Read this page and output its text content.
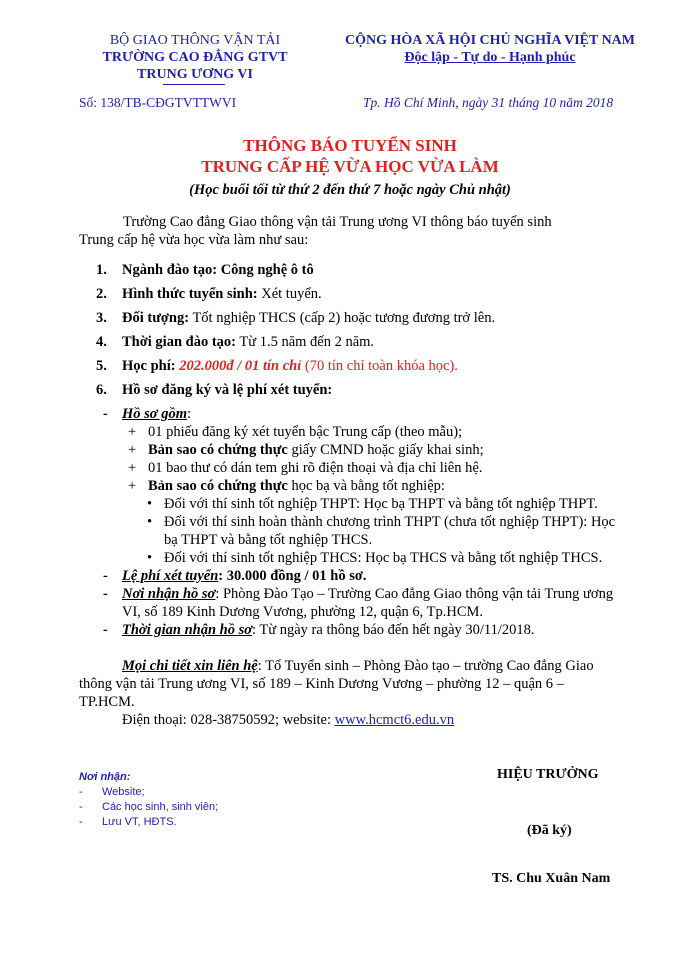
BỘ GIAO THÔNG VẬN TẢI
TRƯỜNG CAO ĐẲNG GTVT
TRUNG ƯƠNG VI
CỘNG HÒA XÃ HỘI CHỦ NGHĨA VIỆT NAM
Độc lập - Tự do - Hạnh phúc
Số: 138/TB-CĐGTVTTWVI	Tp. Hồ Chí Minh, ngày 31 tháng 10 năm 2018
THÔNG BÁO TUYỂN SINH
TRUNG CẤP HỆ VỪA HỌC VỪA LÀM
(Học buổi tối từ thứ 2 đến thứ 7 hoặc ngày Chủ nhật)
Trường Cao đẳng Giao thông vận tải Trung ương VI thông báo tuyển sinh
Trung cấp hệ vừa học vừa làm như sau:
1. Ngành đào tạo: Công nghệ ô tô
2. Hình thức tuyển sinh: Xét tuyển.
3. Đối tượng: Tốt nghiệp THCS (cấp 2) hoặc tương đương trở lên.
4. Thời gian đào tạo: Từ 1.5 năm đến 2 năm.
5. Học phí: 202.000đ / 01 tín chỉ (70 tín chỉ toàn khóa học).
6. Hồ sơ đăng ký và lệ phí xét tuyển:
- Hồ sơ gồm:
+ 01 phiếu đăng ký xét tuyển bậc Trung cấp (theo mẫu);
+ Bản sao có chứng thực giấy CMND hoặc giấy khai sinh;
+ 01 bao thư có dán tem ghi rõ điện thoại và địa chỉ liên hệ.
+ Bản sao có chứng thực học bạ và bằng tốt nghiệp:
• Đối với thí sinh tốt nghiệp THPT: Học bạ THPT và bằng tốt nghiệp THPT.
• Đối với thí sinh hoàn thành chương trình THPT (chưa tốt nghiệp THPT): Học
bạ THPT và bằng tốt nghiệp THCS.
• Đối với thí sinh tốt nghiệp THCS: Học bạ THCS và bằng tốt nghiệp THCS.
- Lệ phí xét tuyển: 30.000 đồng / 01 hồ sơ.
- Nơi nhận hồ sơ: Phòng Đào Tạo – Trường Cao đẳng Giao thông vận tải Trung ương
VI, số 189 Kinh Dương Vương, phường 12, quận 6, Tp.HCM.
- Thời gian nhận hồ sơ: Từ ngày ra thông báo đến hết ngày 30/11/2018.
Mọi chi tiết xin liên hệ: Tổ Tuyển sinh – Phòng Đào tạo – trường Cao đẳng Giao
thông vận tải Trung ương VI, số 189 – Kinh Dương Vương – phường 12 – quận 6 –
TP.HCM.
Điện thoại: 028-38750592; website: www.hcmct6.edu.vn
Nơi nhận:
- Website;
- Các học sinh, sinh viên;
- Lưu VT, HĐTS.
HIỆU TRƯỞNG
(Đã ký)
TS. Chu Xuân Nam
